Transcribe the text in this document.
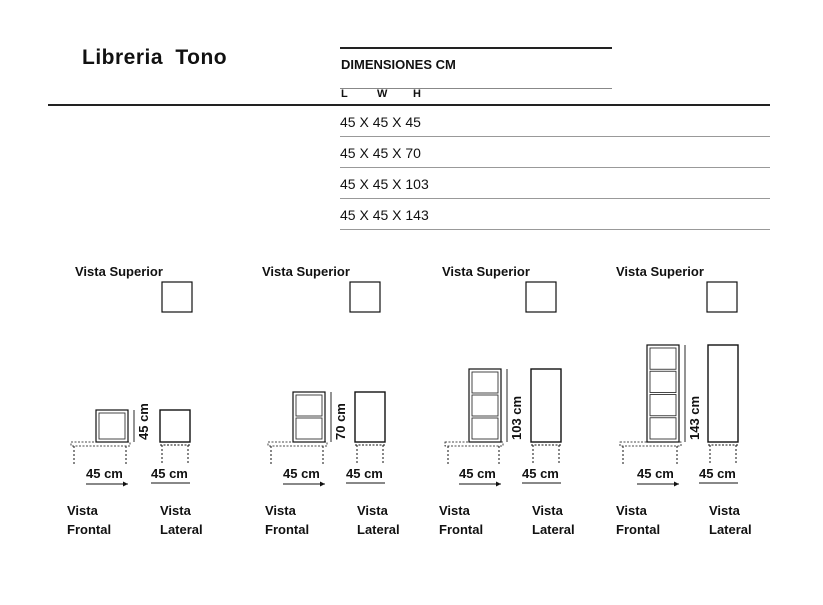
Libreria Tono	DIMENSIONES CM
L	W H
45 X 45 X 45
45 X 45 X 70
45 X 45 X 103
45 X 45 X 143
Vista Superior
45 cm
45 cm 45 cm
Vista
Frontal
Vista
Lateral
Vista Superior
70 cm
45 cm 45 cm
Vista
Frontal
Vista
Lateral
Vista Superior
103 cm
45 cm 45 cm
Vista
Frontal
Vista
Lateral
Vista Superior
143 cm
45 cm 45 cm
Vista
Frontal
Vista
Lateral
